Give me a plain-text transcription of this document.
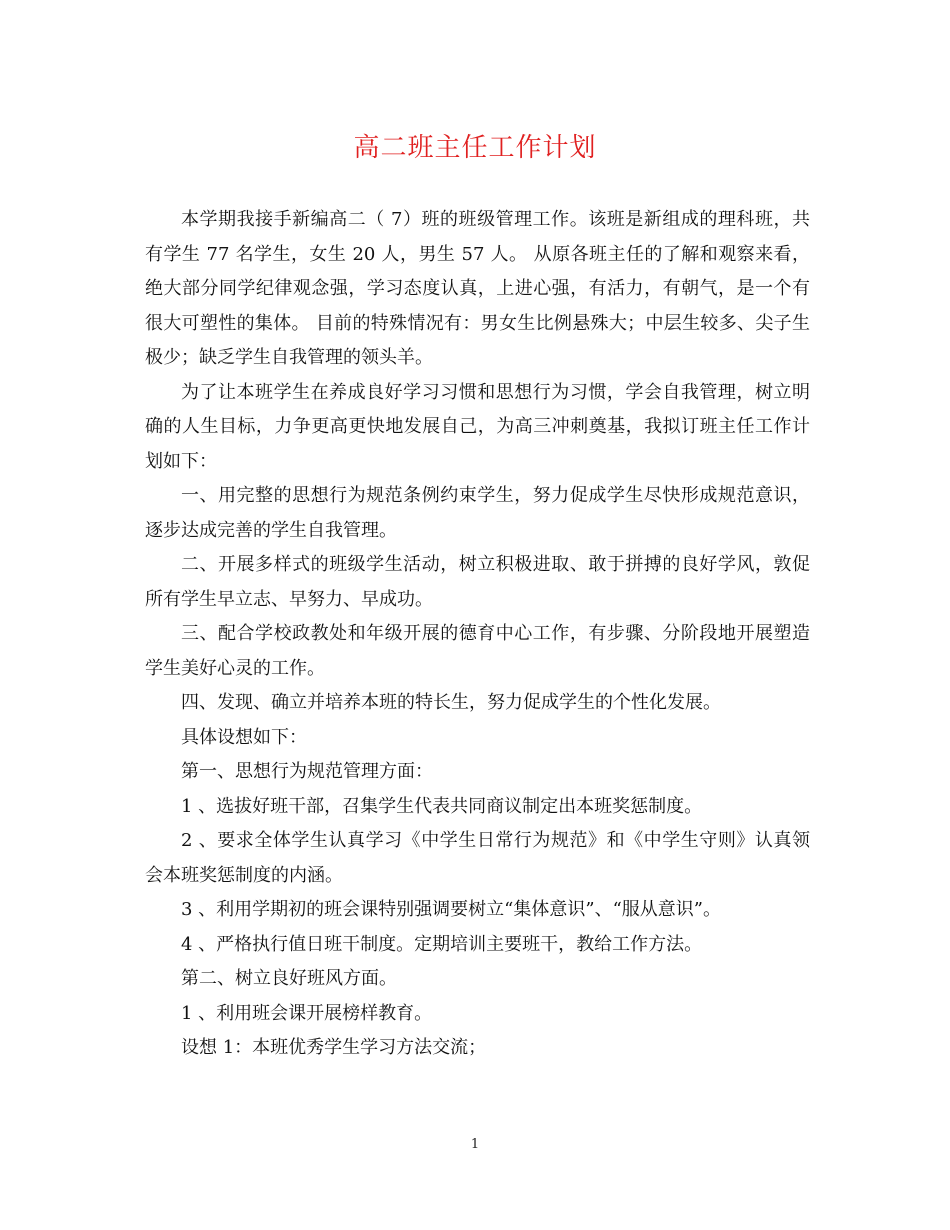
高二班主任工作计划

本学期我接手新编高二（ 7）班的班级管理工作。该班是新组成的理科班，共有学生 77 名学生，女生 20 人，男生 57 人。 从原各班主任的了解和观察来看，绝大部分同学纪律观念强，学习态度认真，上进心强，有活力，有朝气，是一个有很大可塑性的集体。 目前的特殊情况有：男女生比例悬殊大；中层生较多、尖子生极少；缺乏学生自我管理的领头羊。

为了让本班学生在养成良好学习习惯和思想行为习惯，学会自我管理，树立明确的人生目标，力争更高更快地发展自己，为高三冲刺奠基，我拟订班主任工作计划如下：

一、用完整的思想行为规范条例约束学生，努力促成学生尽快形成规范意识，逐步达成完善的学生自我管理。

二、开展多样式的班级学生活动，树立积极进取、敢于拼搏的良好学风，敦促所有学生早立志、早努力、早成功。

三、配合学校政教处和年级开展的德育中心工作，有步骤、分阶段地开展塑造学生美好心灵的工作。

四、发现、确立并培养本班的特长生，努力促成学生的个性化发展。

具体设想如下：

第一、思想行为规范管理方面：

1 、选拔好班干部，召集学生代表共同商议制定出本班奖惩制度。

2 、要求全体学生认真学习《中学生日常行为规范》和《中学生守则》认真领会本班奖惩制度的内涵。

3 、利用学期初的班会课特别强调要树立“集体意识”、“服从意识”。

4 、严格执行值日班干制度。定期培训主要班干，教给工作方法。

第二、树立良好班风方面。

1 、利用班会课开展榜样教育。

设想 1：本班优秀学生学习方法交流；

1
